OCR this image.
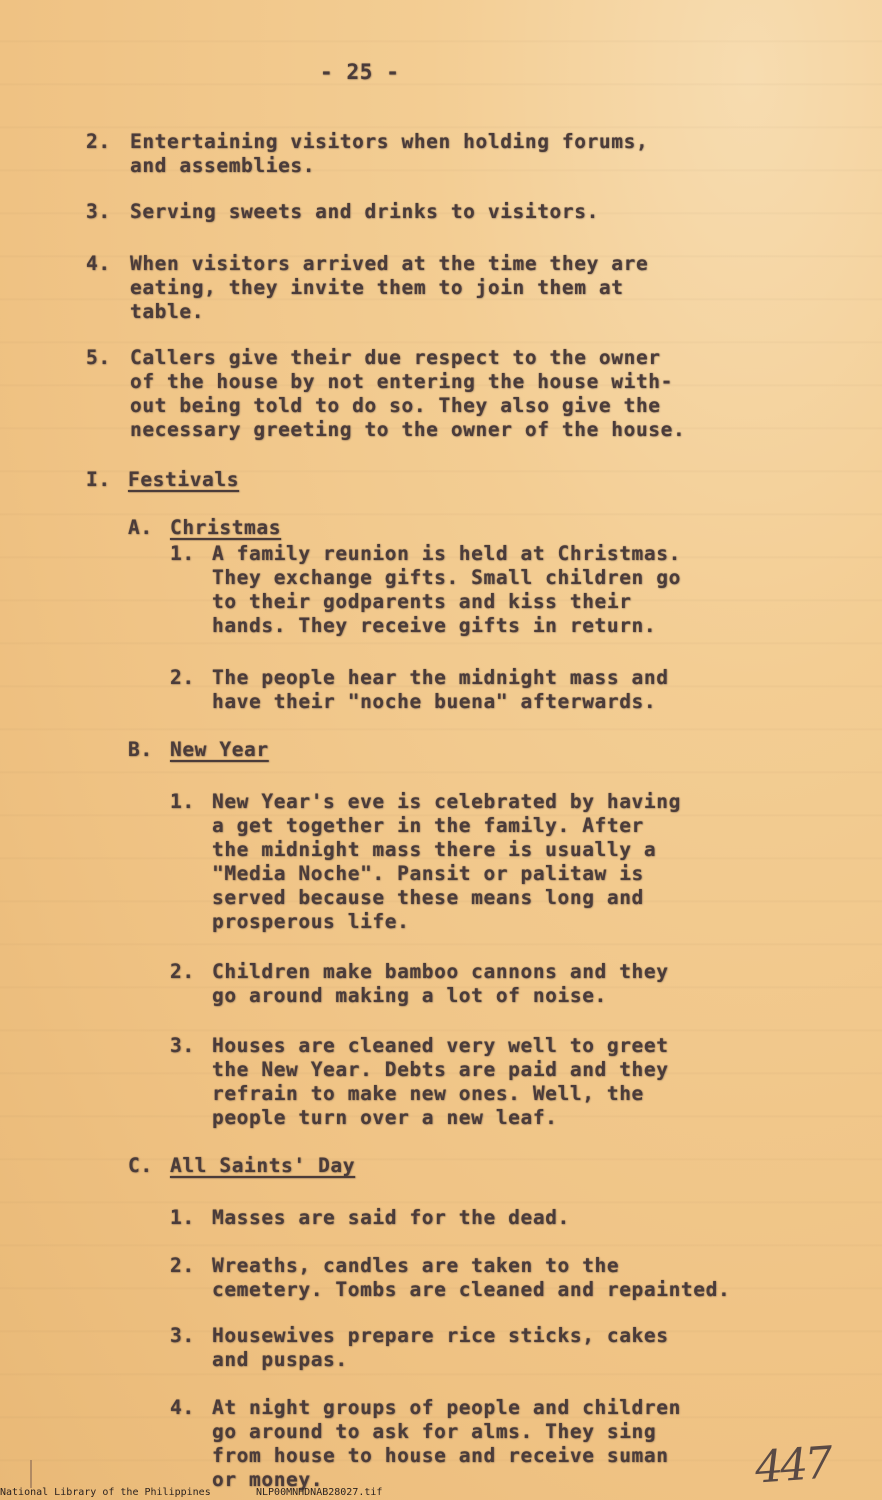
- 25 -
2. Entertaining visitors when holding forums,
and assemblies.
3. Serving sweets and drinks to visitors.
4. When visitors arrived at the time they are
eating, they invite them to join them at
table.
5. Callers give their due respect to the owner
of the house by not entering the house with-
out being told to do so. They also give the
necessary greeting to the owner of the house.
I. Festivals
A. Christmas
1. A family reunion is held at Christmas.
They exchange gifts. Small children go
to their godparents and kiss their
hands. They receive gifts in return.
2. The people hear the midnight mass and
have their "noche buena" afterwards.
B. New Year
1. New Year's eve is celebrated by having
a get together in the family. After
the midnight mass there is usually a
"Media Noche". Pansit or palitaw is
served because these means long and
prosperous life.
2. Children make bamboo cannons and they
go around making a lot of noise.
3. Houses are cleaned very well to greet
the New Year. Debts are paid and they
refrain to make new ones. Well, the
people turn over a new leaf.
C. All Saints' Day
1. Masses are said for the dead.
2. Wreaths, candles are taken to the
cemetery. Tombs are cleaned and repainted.
3. Housewives prepare rice sticks, cakes
and puspas.
4. At night groups of people and children
go around to ask for alms. They sing
from house to house and receive suman
or money.	447
National Library of the Philippines	NLP00MNHDNAB28027.tif
